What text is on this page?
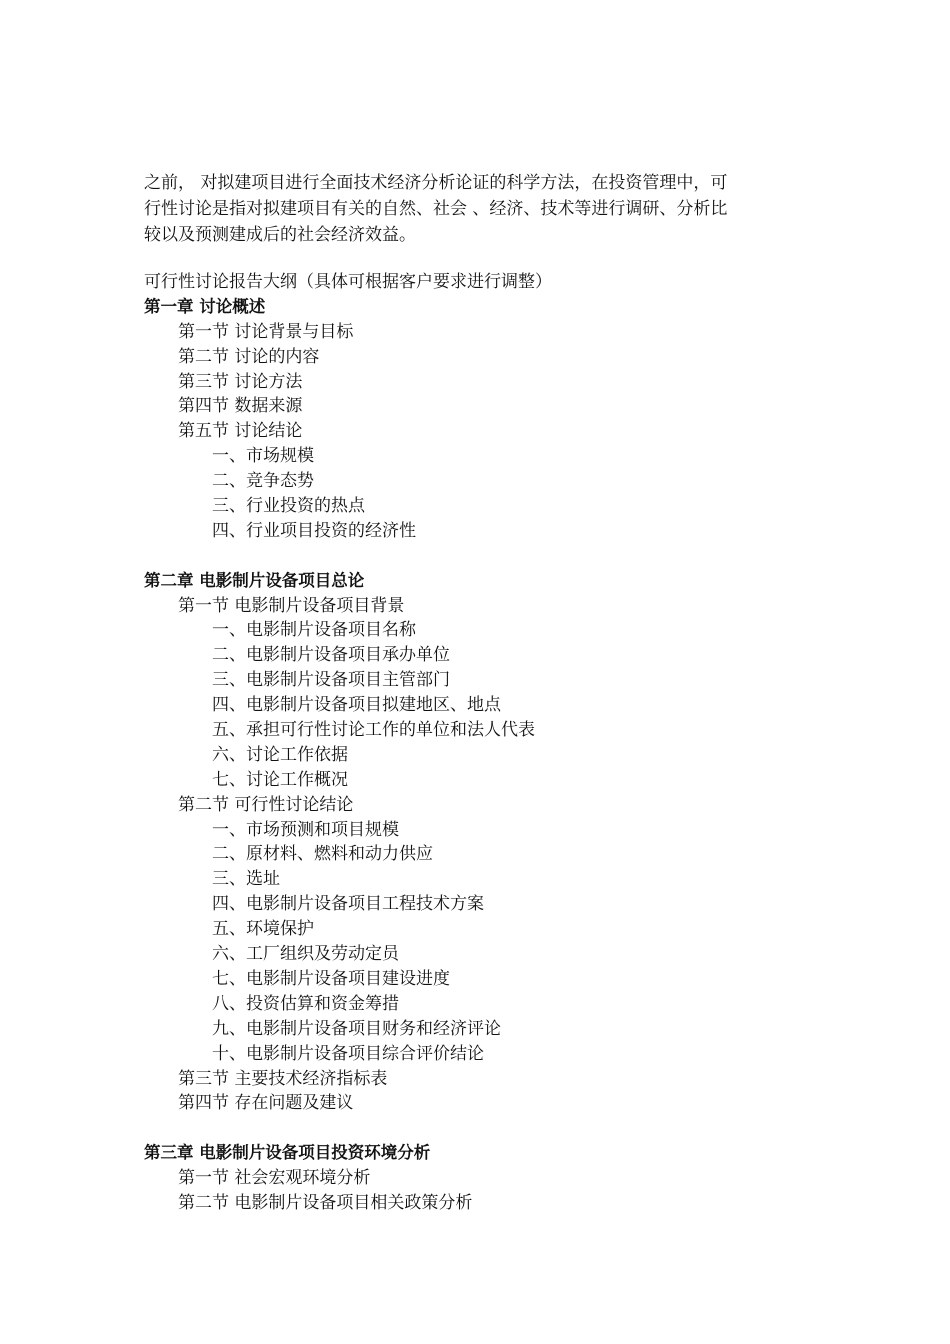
之前， 对拟建项目进行全面技术经济分析论证的科学方法，在投资管理中，可
行性讨论是指对拟建项目有关的自然、社会 、经济、技术等进行调研、分析比
较以及预测建成后的社会经济效益。
可行性讨论报告大纲（具体可根据客户要求进行调整）
第一章 讨论概述
第一节 讨论背景与目标
第二节 讨论的内容
第三节 讨论方法
第四节 数据来源
第五节 讨论结论
一、市场规模
二、竞争态势
三、行业投资的热点
四、行业项目投资的经济性
第二章 电影制片设备项目总论
第一节 电影制片设备项目背景
一、电影制片设备项目名称
二、电影制片设备项目承办单位
三、电影制片设备项目主管部门
四、电影制片设备项目拟建地区、地点
五、承担可行性讨论工作的单位和法人代表
六、讨论工作依据
七、讨论工作概况
第二节 可行性讨论结论
一、市场预测和项目规模
二、原材料、燃料和动力供应
三、选址
四、电影制片设备项目工程技术方案
五、环境保护
六、工厂组织及劳动定员
七、电影制片设备项目建设进度
八、投资估算和资金筹措
九、电影制片设备项目财务和经济评论
十、电影制片设备项目综合评价结论
第三节 主要技术经济指标表
第四节 存在问题及建议
第三章 电影制片设备项目投资环境分析
第一节 社会宏观环境分析
第二节 电影制片设备项目相关政策分析
